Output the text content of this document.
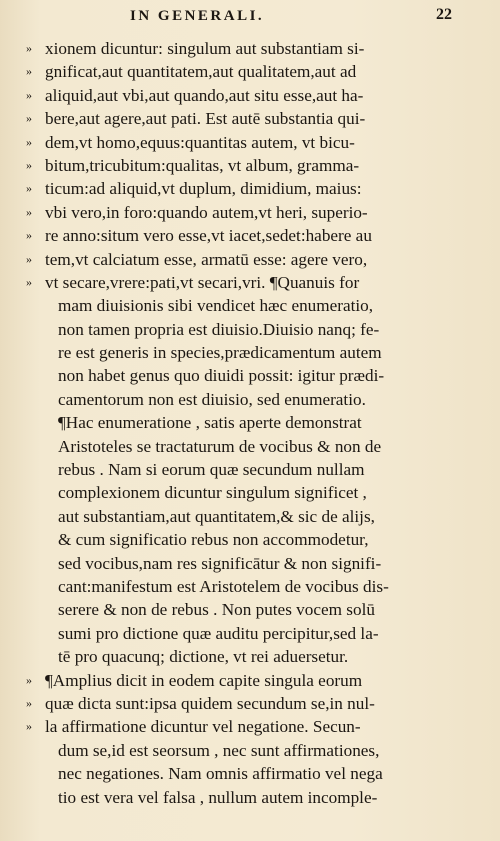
IN GENERALI.	22
» xionem dicuntur: singulum aut substantiam si-
» gnificat,aut quantitatem,aut qualitatem,aut ad
» aliquid,aut vbi,aut quando,aut situ esse,aut ha-
» bere,aut agere,aut pati. Est autē substantia qui-
» dem,vt homo,equus:quantitas autem, vt bicu-
» bitum,tricubitum:qualitas, vt album, gramma-
» ticum:ad aliquid,vt duplum, dimidium, maius:
» vbi vero,in foro:quando autem,vt heri, superio-
» re anno:situm vero esse,vt iacet,sedet:habere au
» tem,vt calciatum esse, armatū esse: agere vero,
» vt secare,vrere:pati,vt secari,vri. ¶Quanuis for
mam diuisionis sibi vendicet hæc enumeratio,
non tamen propria est diuisio.Diuisio nanq; fe-
re est generis in species,prædicamentum autem
non habet genus quo diuidi possit: igitur prædi-
camentorum non est diuisio, sed enumeratio.
¶Hac enumeratione , satis aperte demonstrat
Aristoteles se tractaturum de vocibus & non de
rebus . Nam si eorum quæ secundum nullam
complexionem dicuntur singulum significet ,
aut substantiam,aut quantitatem,& sic de alijs,
& cum significatio rebus non accommodetur,
sed vocibus,nam res significātur & non signifi-
cant:manifestum est Aristotelem de vocibus dis-
serere & non de rebus . Non putes vocem solū
sumi pro dictione quæ auditu percipitur,sed la-
tē pro quacunq; dictione, vt rei aduersetur.
» ¶Amplius dicit in eodem capite singula eorum
» quæ dicta sunt:ipsa quidem secundum se,in nul-
» la affirmatione dicuntur vel negatione. Secun-
dum se,id est seorsum , nec sunt affirmationes,
nec negationes. Nam omnis affirmatio vel nega
tio est vera vel falsa , nullum autem incomple-
